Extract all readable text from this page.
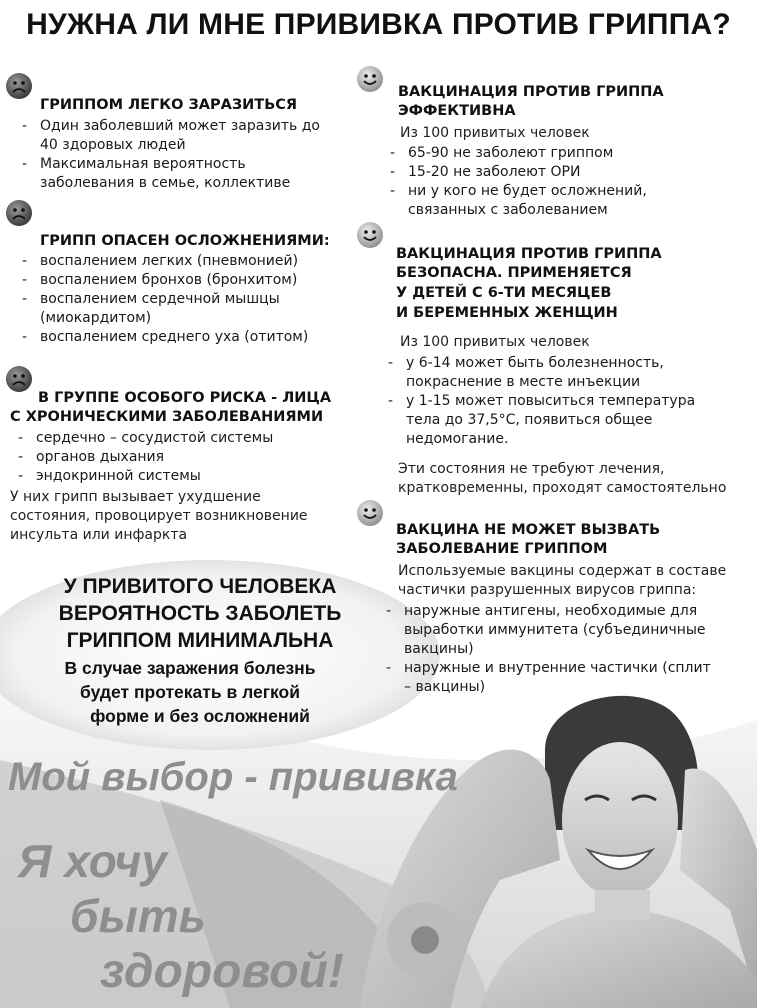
НУЖНА ЛИ МНЕ ПРИВИВКА ПРОТИВ ГРИППА?
ГРИППОМ ЛЕГКО ЗАРАЗИТЬСЯ
- Один заболевший может заразить до 40 здоровых людей
- Максимальная вероятность заболевания в семье, коллективе
ГРИПП ОПАСЕН ОСЛОЖНЕНИЯМИ:
- воспалением легких (пневмонией)
- воспалением бронхов (бронхитом)
- воспалением сердечной мышцы (миокардитом)
- воспалением среднего уха (отитом)
В ГРУППЕ ОСОБОГО РИСКА - ЛИЦА
С ХРОНИЧЕСКИМИ ЗАБОЛЕВАНИЯМИ
- сердечно – сосудистой системы
- органов дыхания
- эндокринной системы
У них грипп вызывает ухудшение состояния, провоцирует возникновение инсульта или инфаркта
У ПРИВИТОГО ЧЕЛОВЕКА
ВЕРОЯТНОСТЬ ЗАБОЛЕТЬ
ГРИППОМ МИНИМАЛЬНА
В случае заражения болезнь
будет протекать в легкой
форме и без осложнений
ВАКЦИНАЦИЯ ПРОТИВ ГРИППА
ЭФФЕКТИВНА
Из 100 привитых человек
- 65-90 не заболеют гриппом
- 15-20 не заболеют ОРИ
- ни у кого не будет осложнений, связанных с заболеванием
ВАКЦИНАЦИЯ ПРОТИВ ГРИППА
БЕЗОПАСНА. ПРИМЕНЯЕТСЯ
У ДЕТЕЙ С 6-ТИ МЕСЯЦЕВ
И БЕРЕМЕННЫХ ЖЕНЩИН
Из 100 привитых человек
- у 6-14 может быть болезненность, покраснение в месте инъекции
- у 1-15 может повыситься температура тела до 37,5°С, появиться общее недомогание.
Эти состояния не требуют лечения, кратковременны, проходят самостоятельно
ВАКЦИНА НЕ МОЖЕТ ВЫЗВАТЬ
ЗАБОЛЕВАНИЕ ГРИППОМ
Используемые вакцины содержат в составе частички разрушенных вирусов гриппа:
- наружные антигены, необходимые для выработки иммунитета (субъединичные вакцины)
- наружные и внутренние частички (сплит – вакцины)
Мой выбор - прививка
Я хочу
быть
здоровой!
